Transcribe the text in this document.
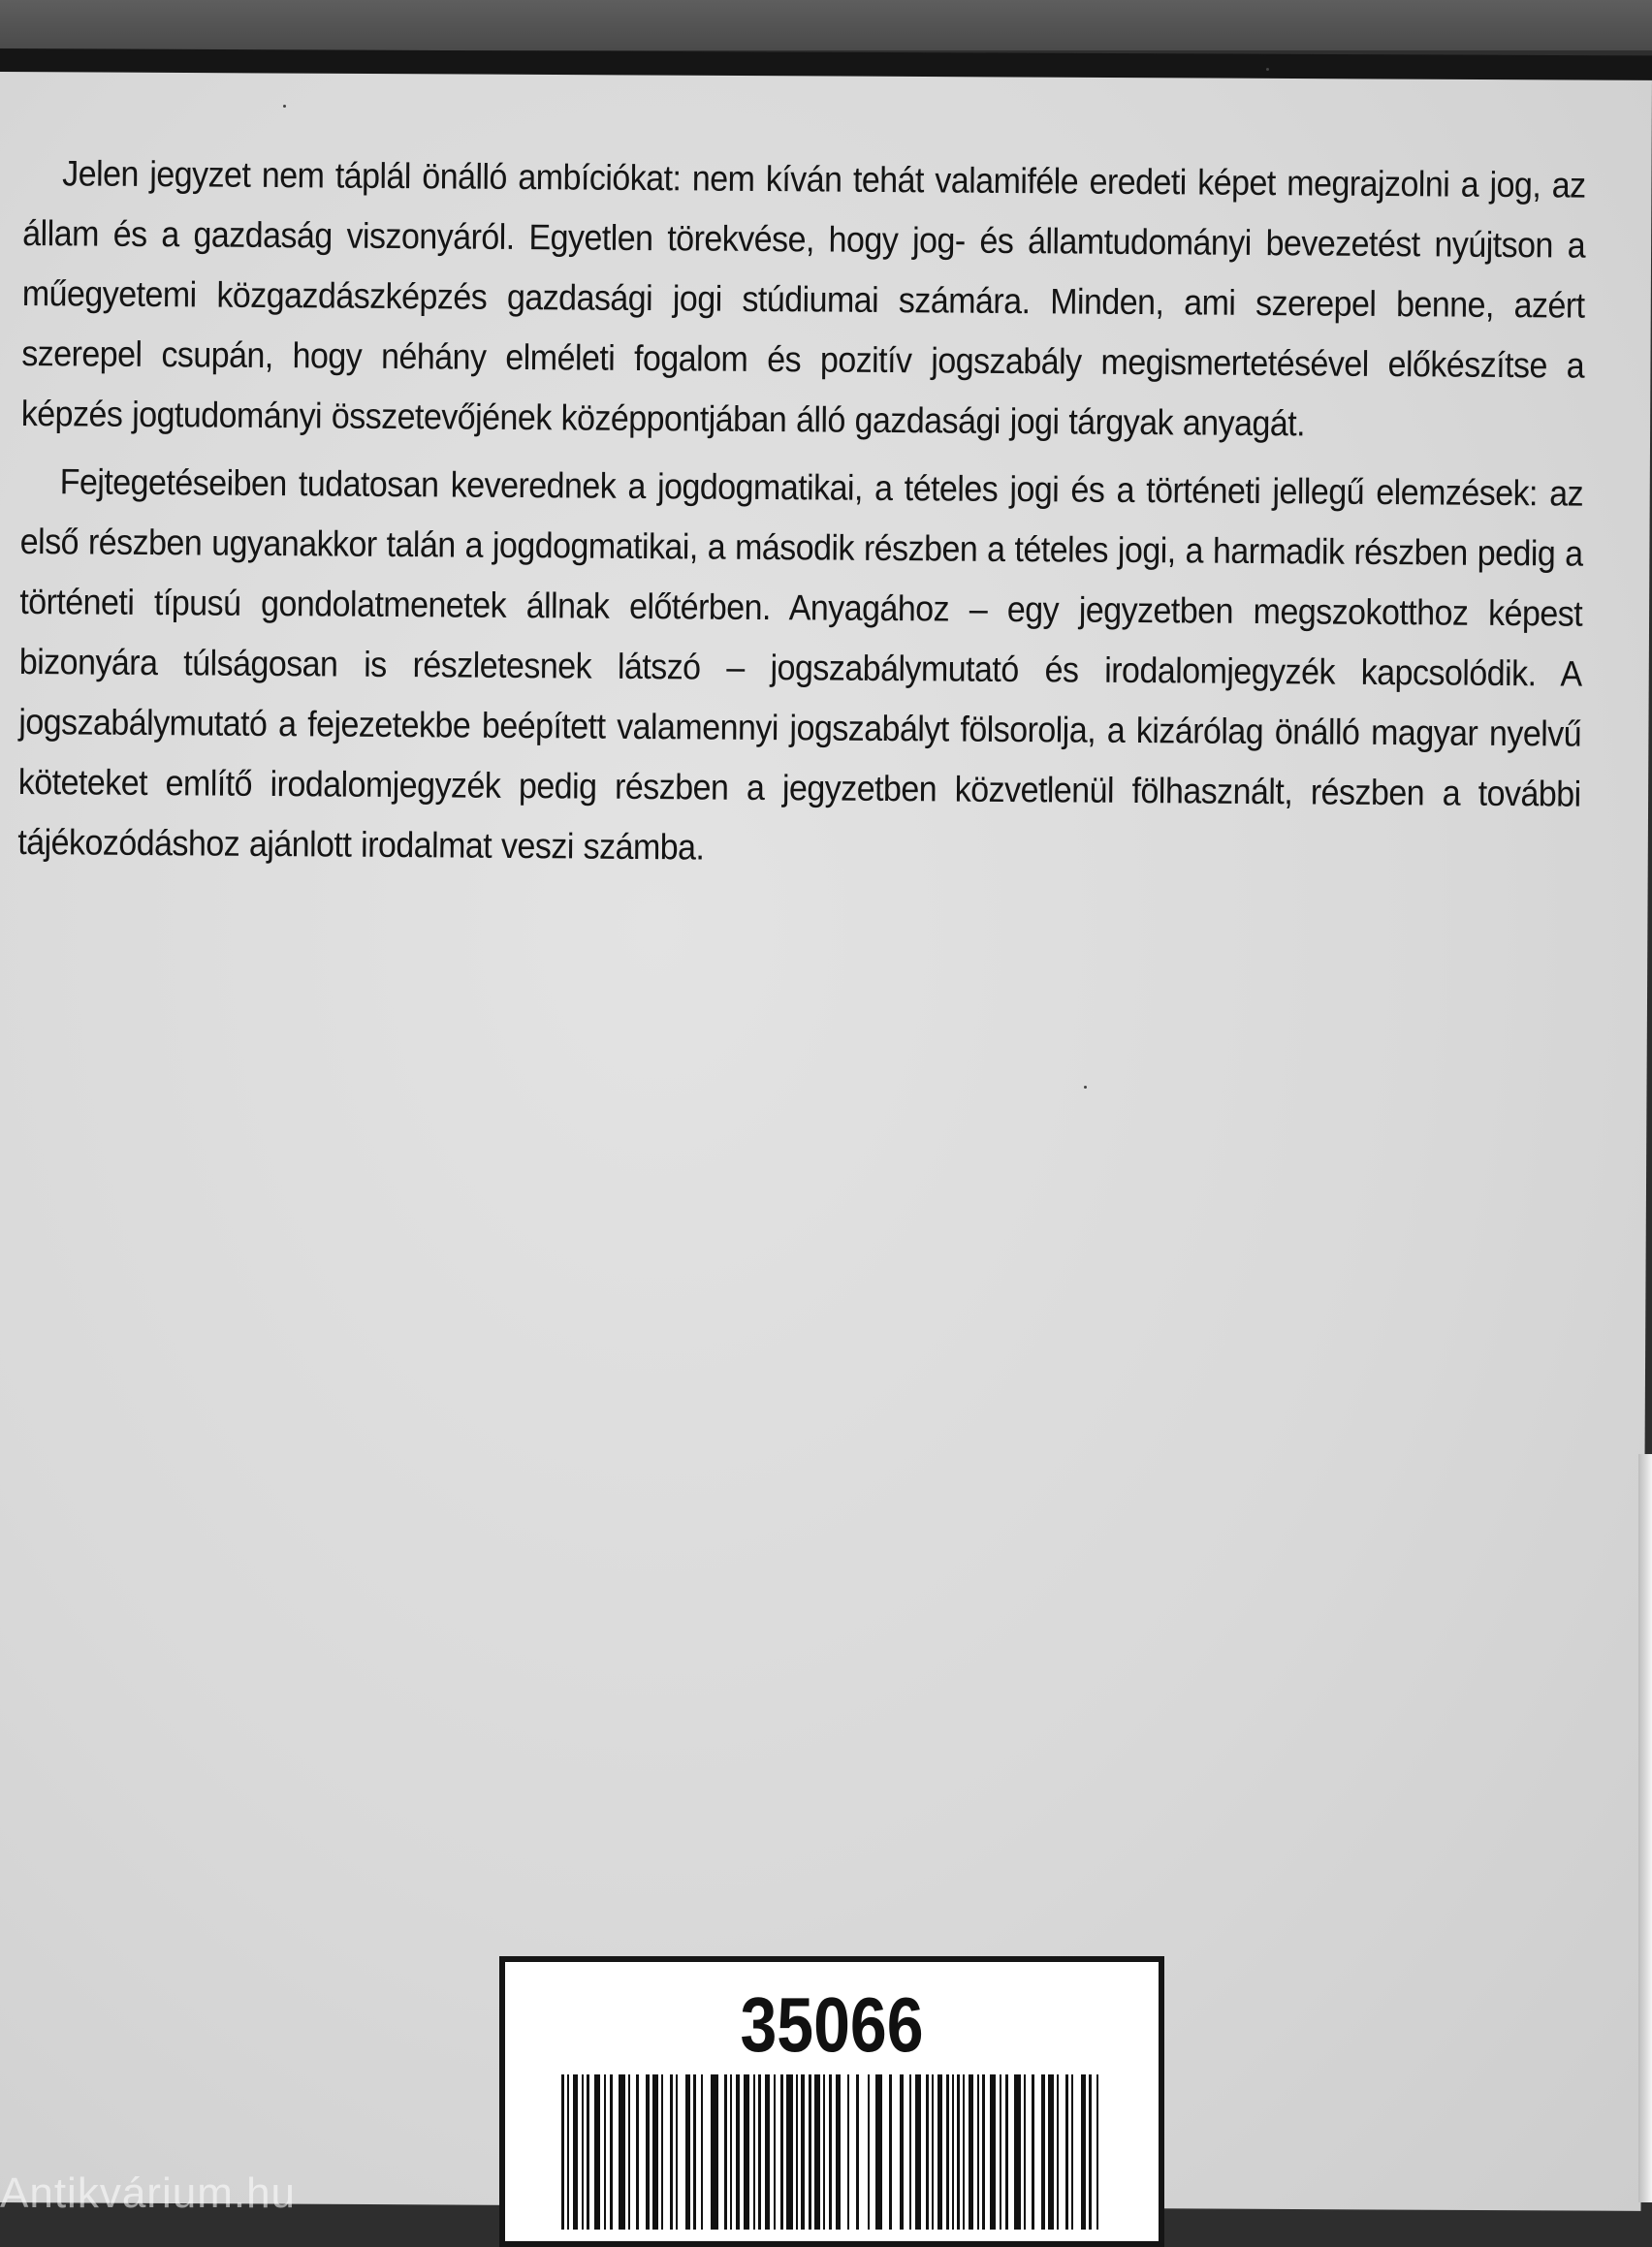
Jelen jegyzet nem táplál önálló ambíciókat: nem kíván tehát valamiféle eredeti képet megrajzolni a jog, az állam és a gazdaság viszonyáról. Egyetlen törekvése, hogy jog- és államtudományi bevezetést nyújtson a műegyetemi közgazdászképzés gazdasági jogi stúdiumai számára. Minden, ami szerepel benne, azért szerepel csupán, hogy néhány elméleti fogalom és pozitív jogszabály megismertetésével előkészítse a képzés jogtudományi összetevőjének középpontjában álló gazdasági jogi tárgyak anyagát.

Fejtegetéseiben tudatosan keverednek a jogdogmatikai, a tételes jogi és a történeti jellegű elemzések: az első részben ugyanakkor talán a jogdogmatikai, a második részben a tételes jogi, a harmadik részben pedig a történeti típusú gondolatmenetek állnak előtérben. Anyagához – egy jegyzetben megszokotthoz képest bizonyára túlságosan is részletesnek látszó – jogszabálymutató és irodalomjegyzék kapcsolódik. A jogszabálymutató a fejezetekbe beépített valamennyi jogszabályt fölsorolja, a kizárólag önálló magyar nyelvű köteteket említő irodalomjegyzék pedig részben a jegyzetben közvetlenül fölhasznált, részben a további tájékozódáshoz ajánlott irodalmat veszi számba.

35066
Antikvárium.hu
